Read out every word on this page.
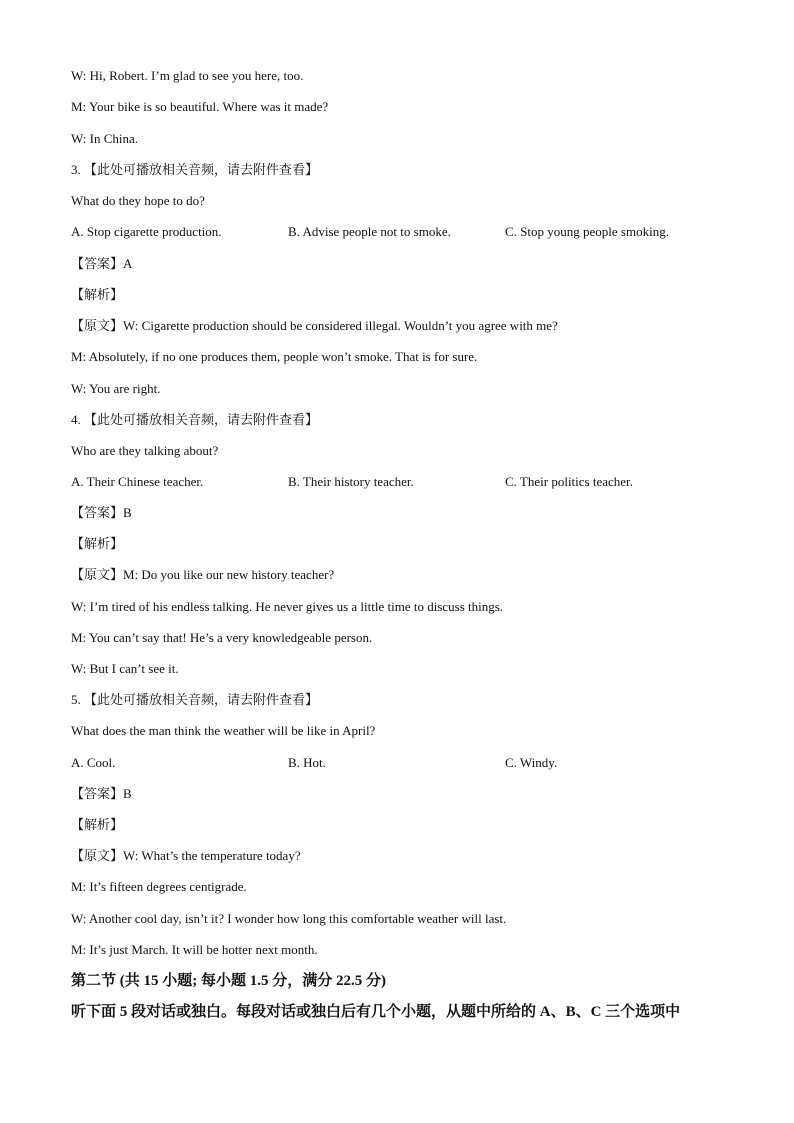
W: Hi, Robert. I’m glad to see you here, too.
M: Your bike is so beautiful. Where was it made?
W: In China.
3. 【此处可播放相关音频，请去附件查看】
What do they hope to do?
A. Stop cigarette production.	B. Advise people not to smoke.	C. Stop young people smoking.
【答案】A
【解析】
【原文】W: Cigarette production should be considered illegal. Wouldn’t you agree with me?
M: Absolutely, if no one produces them, people won’t smoke. That is for sure.
W: You are right.
4. 【此处可播放相关音频，请去附件查看】
Who are they talking about?
A. Their Chinese teacher.	B. Their history teacher.	C. Their politics teacher.
【答案】B
【解析】
【原文】M: Do you like our new history teacher?
W: I’m tired of his endless talking. He never gives us a little time to discuss things.
M: You can’t say that! He’s a very knowledgeable person.
W: But I can’t see it.
5. 【此处可播放相关音频，请去附件查看】
What does the man think the weather will be like in April?
A. Cool.	B. Hot.	C. Windy.
【答案】B
【解析】
【原文】W: What’s the temperature today?
M: It’s fifteen degrees centigrade.
W: Another cool day, isn’t it? I wonder how long this comfortable weather will last.
M: It’s just March. It will be hotter next month.
第二节 (共 15 小题; 每小题 1.5 分，满分 22.5 分)
听下面 5 段对话或独白。每段对话或独白后有几个小题，从题中所给的 A、B、C 三个选项中
